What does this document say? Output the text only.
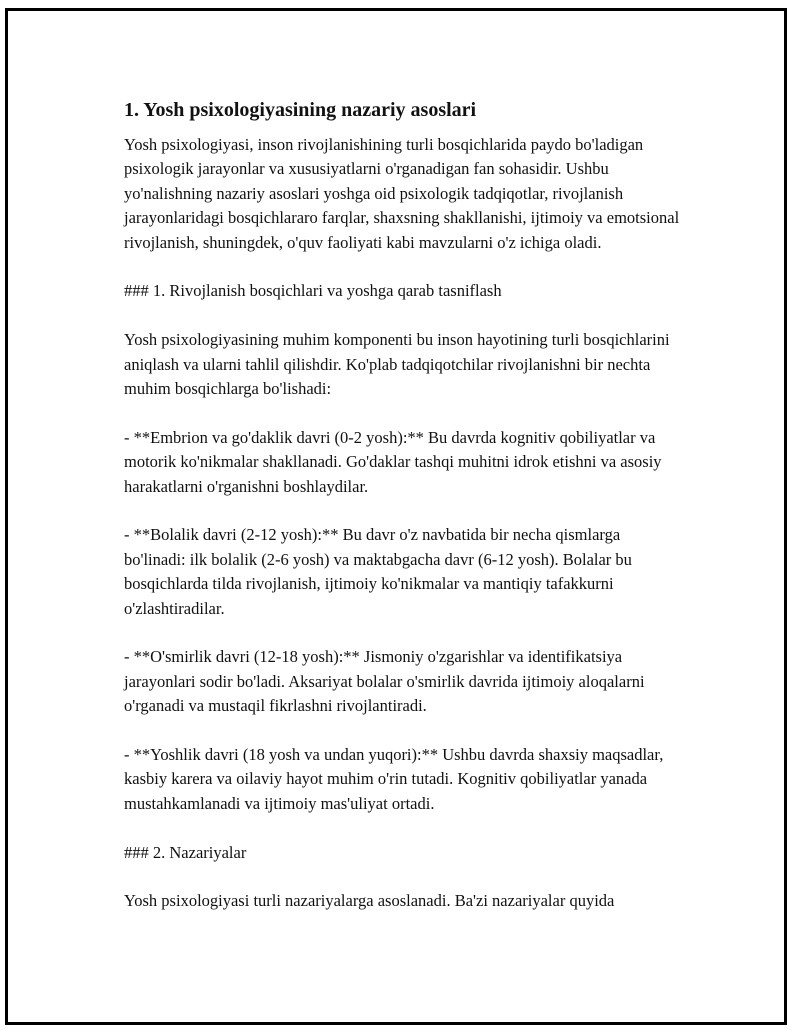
1. Yosh psixologiyasining nazariy asoslari

Yosh psixologiyasi, inson rivojlanishining turli bosqichlarida paydo bo'ladigan psixologik jarayonlar va xususiyatlarni o'rganadigan fan sohasidir. Ushbu yo'nalishning nazariy asoslari yoshga oid psixologik tadqiqotlar, rivojlanish jarayonlaridagi bosqichlararo farqlar, shaxsning shakllanishi, ijtimoiy va emotsional rivojlanish, shuningdek, o'quv faoliyati kabi mavzularni o'z ichiga oladi.

### 1. Rivojlanish bosqichlari va yoshga qarab tasniflash

Yosh psixologiyasining muhim komponenti bu inson hayotining turli bosqichlarini aniqlash va ularni tahlil qilishdir. Ko'plab tadqiqotchilar rivojlanishni bir nechta muhim bosqichlarga bo'lishadi:

- **Embrion va go'daklik davri (0-2 yosh):** Bu davrda kognitiv qobiliyatlar va motorik ko'nikmalar shakllanadi. Go'daklar tashqi muhitni idrok etishni va asosiy harakatlarni o'rganishni boshlaydilar.

- **Bolalik davri (2-12 yosh):** Bu davr o'z navbatida bir necha qismlarga bo'linadi: ilk bolalik (2-6 yosh) va maktabgacha davr (6-12 yosh). Bolalar bu bosqichlarda tilda rivojlanish, ijtimoiy ko'nikmalar va mantiqiy tafakkurni o'zlashtiradilar.

- **O'smirlik davri (12-18 yosh):** Jismoniy o'zgarishlar va identifikatsiya jarayonlari sodir bo'ladi. Aksariyat bolalar o'smirlik davrida ijtimoiy aloqalarni o'rganadi va mustaqil fikrlashni rivojlantiradi.

- **Yoshlik davri (18 yosh va undan yuqori):** Ushbu davrda shaxsiy maqsadlar, kasbiy karera va oilaviy hayot muhim o'rin tutadi. Kognitiv qobiliyatlar yanada mustahkamlanadi va ijtimoiy mas'uliyat ortadi.

### 2. Nazariyalar

Yosh psixologiyasi turli nazariyalarga asoslanadi. Ba'zi nazariyalar quyida
